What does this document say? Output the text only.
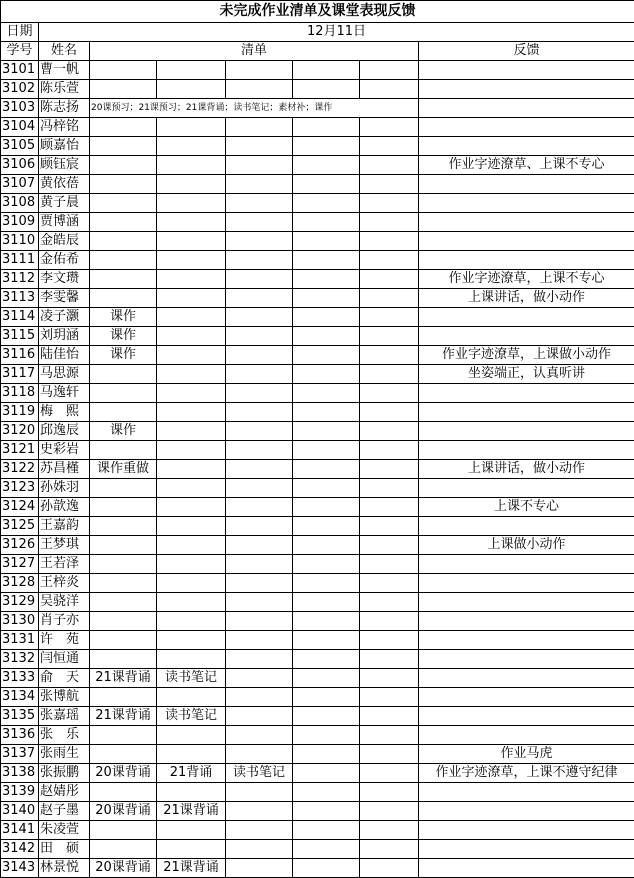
未完成作业清单及课堂表现反馈							
日期	12月11日						
学号	姓名	清单					反馈
3101	曹一帆						
3102	陈乐萱						
3103	陈志扬	20课预习；21课预习；21课背诵；读书笔记；素材补；课作					
3104	冯梓铭						
3105	顾嘉怡						
3106	顾钰宸						作业字迹潦草、上课不专心
3107	黄依蓓						
3108	黄子晨						
3109	贾博涵						
3110	金皓辰						
3111	金佑希						
3112	李文瓒						作业字迹潦草，上课不专心
3113	李雯馨						上课讲话，做小动作
3114	凌子灏	课作					
3115	刘玥涵	课作					
3116	陆佳怡	课作					作业字迹潦草，上课做小动作
3117	马思源						坐姿端正，认真听讲
3118	马逸轩						
3119	梅　熙						
3120	邱逸辰	课作					
3121	史彩岩						
3122	苏昌槿	课作重做					上课讲话，做小动作
3123	孙姝羽						
3124	孙歆逸						上课不专心
3125	王嘉韵						
3126	王梦琪						上课做小动作
3127	王若泽						
3128	王梓炎						
3129	吴骁洋						
3130	肖子亦						
3131	许　苑						
3132	闫恒通						
3133	俞　天	21课背诵	读书笔记				
3134	张博航						
3135	张嘉瑶	21课背诵	读书笔记				
3136	张　乐						
3137	张雨生						作业马虎
3138	张振鹏	20课背诵	21背诵	读书笔记			作业字迹潦草，上课不遵守纪律
3139	赵婧彤						
3140	赵子墨	20课背诵	21课背诵				
3141	朱凌萱						
3142	田　硕						
3143	林景悦	20课背诵	21课背诵				
